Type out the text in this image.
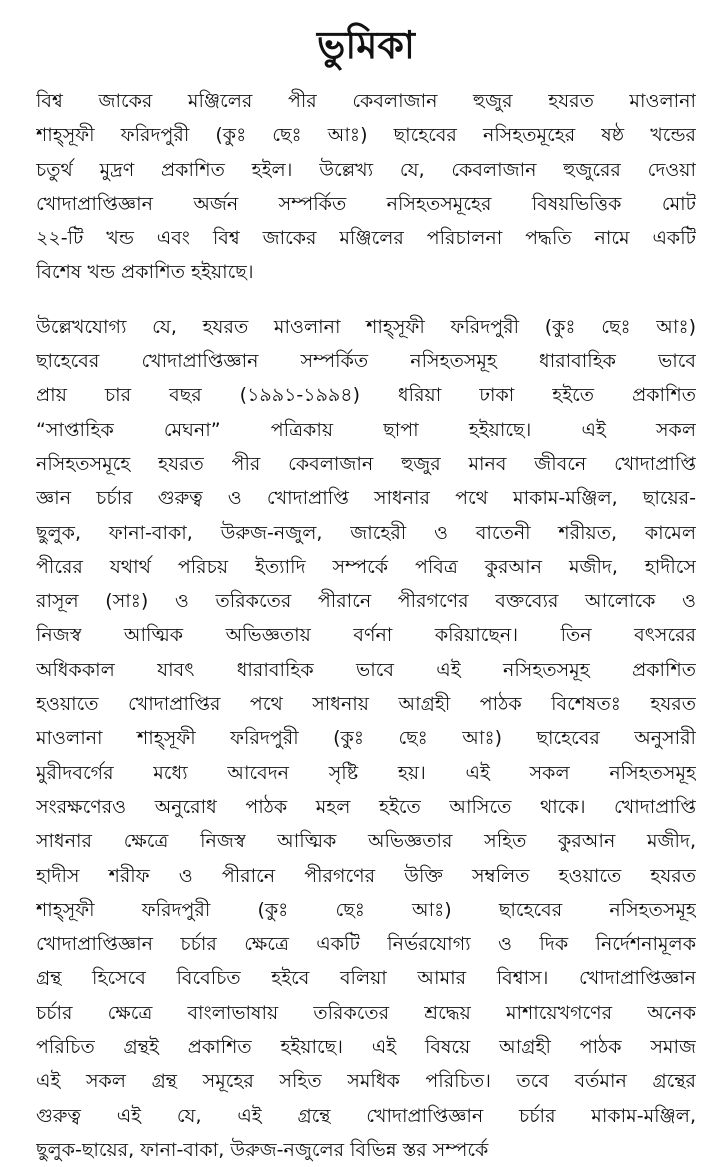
ভুমিকা
বিশ্ব জাকের মঞ্জিলের পীর কেবলাজান হুজুর হযরত মাওলানা
শাহ্সূফী ফরিদপুরী (কুঃ ছেঃ আঃ) ছাহেবের নসিহতমূহের ষষ্ঠ খন্ডের
চতুর্থ মুদ্রণ প্রকাশিত হইল। উল্লেখ্য যে, কেবলাজান হুজুরের দেওয়া
খোদাপ্রাপ্তিজ্ঞান অর্জন সম্পর্কিত নসিহতসমূহের বিষয়ভিত্তিক মোট
২২-টি খন্ড এবং বিশ্ব জাকের মঞ্জিলের পরিচালনা পদ্ধতি নামে একটি
বিশেষ খন্ড প্রকাশিত হইয়াছে।
উল্লেখযোগ্য যে, হযরত মাওলানা শাহ্সূফী ফরিদপুরী (কুঃ ছেঃ আঃ)
ছাহেবের খোদাপ্রাপ্তিজ্ঞান সম্পর্কিত নসিহতসমূহ ধারাবাহিক ভাবে
প্রায় চার বছর (১৯৯১-১৯৯৪) ধরিয়া ঢাকা হইতে প্রকাশিত
“সাপ্তাহিক মেঘনা” পত্রিকায় ছাপা হইয়াছে। এই সকল
নসিহতসমূহে হযরত পীর কেবলাজান হুজুর মানব জীবনে খোদাপ্রাপ্তি
জ্ঞান চর্চার গুরুত্ব ও খোদাপ্রাপ্তি সাধনার পথে মাকাম-মঞ্জিল, ছায়ের-
ছুলুক, ফানা-বাকা, উরুজ-নজুল, জাহেরী ও বাতেনী শরীয়ত, কামেল
পীরের যথার্থ পরিচয় ইত্যাদি সম্পর্কে পবিত্র কুরআন মজীদ, হাদীসে
রাসূল (সাঃ) ও তরিকতের পীরানে পীরগণের বক্তব্যের আলোকে ও
নিজস্ব আত্মিক অভিজ্ঞতায় বর্ণনা করিয়াছেন। তিন বৎসরের
অধিককাল যাবৎ ধারাবাহিক ভাবে এই নসিহতসমূহ প্রকাশিত
হওয়াতে খোদাপ্রাপ্তির পথে সাধনায় আগ্রহী পাঠক বিশেষতঃ হযরত
মাওলানা শাহ্সূফী ফরিদপুরী (কুঃ ছেঃ আঃ) ছাহেবের অনুসারী
মুরীদবর্গের মধ্যে আবেদন সৃষ্টি হয়। এই সকল নসিহতসমূহ
সংরক্ষণেরও অনুরোধ পাঠক মহল হইতে আসিতে থাকে। খোদাপ্রাপ্তি
সাধনার ক্ষেত্রে নিজস্ব আত্মিক অভিজ্ঞতার সহিত কুরআন মজীদ,
হাদীস শরীফ ও পীরানে পীরগণের উক্তি সম্বলিত হওয়াতে হযরত
শাহ্সূফী ফরিদপুরী (কুঃ ছেঃ আঃ) ছাহেবের নসিহতসমূহ
খোদাপ্রাপ্তিজ্ঞান চর্চার ক্ষেত্রে একটি নির্ভরযোগ্য ও দিক নির্দেশনামূলক
গ্রন্থ হিসেবে বিবেচিত হইবে বলিয়া আমার বিশ্বাস। খোদাপ্রাপ্তিজ্ঞান
চর্চার ক্ষেত্রে বাংলাভাষায় তরিকতের শ্রদ্ধেয় মাশায়েখগণের অনেক
পরিচিত গ্রন্থই প্রকাশিত হইয়াছে। এই বিষয়ে আগ্রহী পাঠক সমাজ
এই সকল গ্রন্থ সমূহের সহিত সমধিক পরিচিত। তবে বর্তমান গ্রন্থের
গুরুত্ব এই যে, এই গ্রন্থে খোদাপ্রাপ্তিজ্ঞান চর্চার মাকাম-মঞ্জিল,
ছুলুক-ছায়ের, ফানা-বাকা, উরুজ-নজুলের বিভিন্ন স্তর সম্পর্কে
